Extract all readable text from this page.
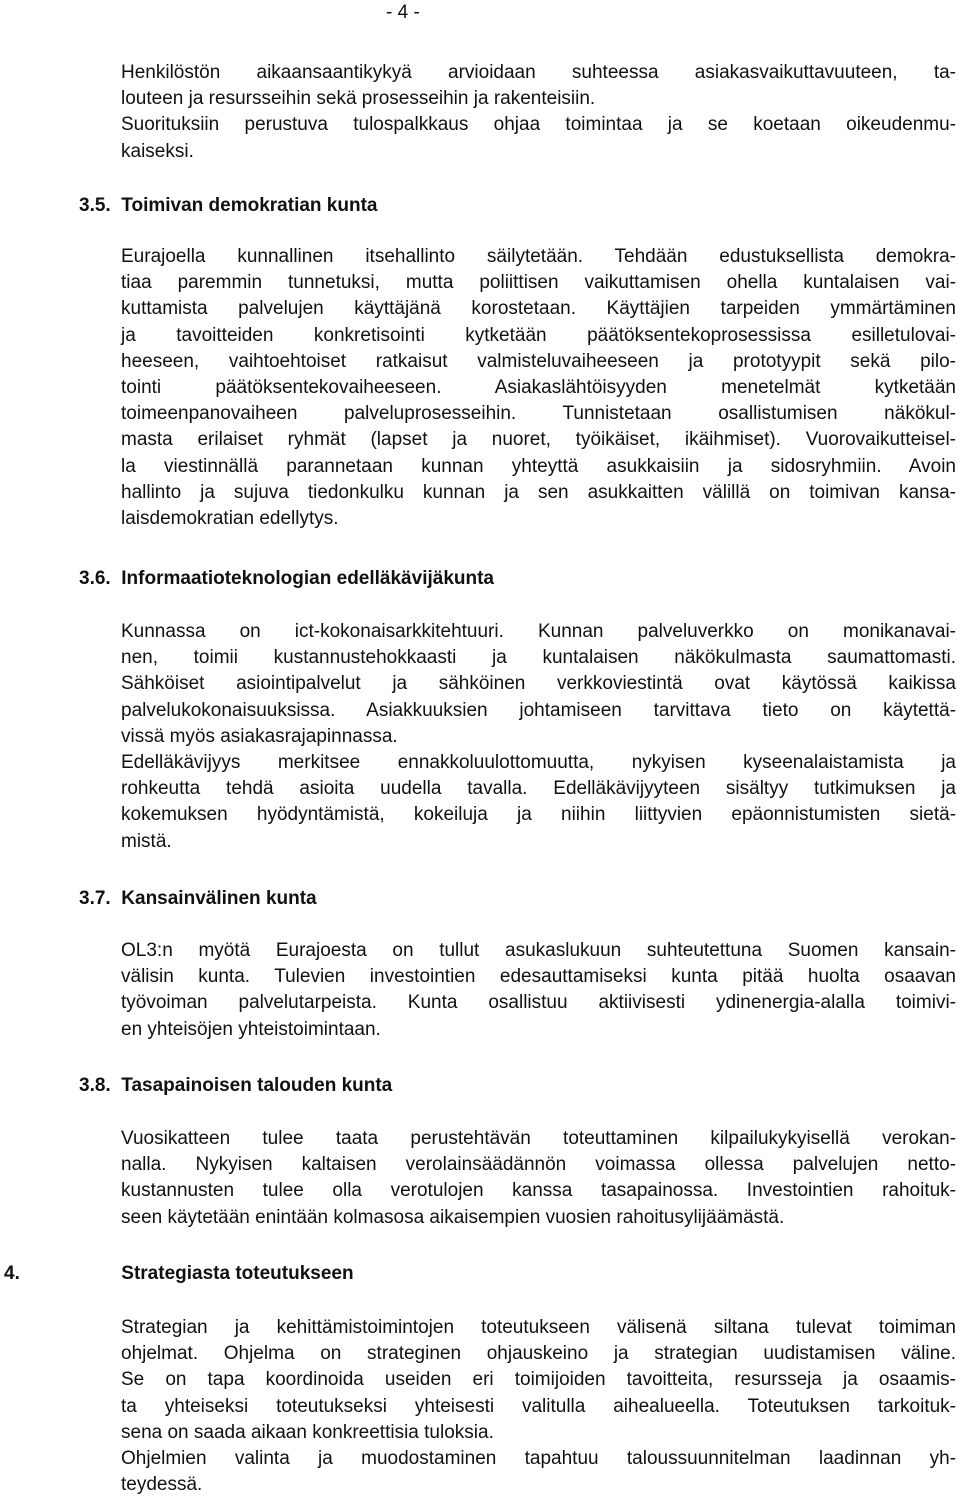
- 4 -
Henkilöstön aikaansaantikykyä arvioidaan suhteessa asiakasvaikuttavuuteen, ta-
louteen ja resursseihin sekä prosesseihin ja rakenteisiin.
Suorituksiin perustuva tulospalkkaus ohjaa toimintaa ja se koetaan oikeudenmu-
kaiseksi.
3.5. Toimivan demokratian kunta
Eurajoella kunnallinen itsehallinto säilytetään. Tehdään edustuksellista demokra-
tiaa paremmin tunnetuksi, mutta poliittisen vaikuttamisen ohella kuntalaisen vai-
kuttamista palvelujen käyttäjänä korostetaan. Käyttäjien tarpeiden ymmärtäminen
ja tavoitteiden konkretisointi kytketään päätöksentekoprosessissa esilletulovai-
heeseen, vaihtoehtoiset ratkaisut valmisteluvaiheeseen ja prototyypit sekä pilo-
tointi päätöksentekovaiheeseen. Asiakaslähtöisyyden menetelmät kytketään
toimeenpanovaiheen palveluprosesseihin. Tunnistetaan osallistumisen näkökul-
masta erilaiset ryhmät (lapset ja nuoret, työikäiset, ikäihmiset). Vuorovaikutteisel-
la viestinnällä parannetaan kunnan yhteyttä asukkaisiin ja sidosryhmiin. Avoin
hallinto ja sujuva tiedonkulku kunnan ja sen asukkaitten välillä on toimivan kansa-
laisdemokratian edellytys.
3.6. Informaatioteknologian edelläkävijäkunta
Kunnassa on ict-kokonaisarkkitehtuuri. Kunnan palveluverkko on monikanavai-
nen, toimii kustannustehokkaasti ja kuntalaisen näkökulmasta saumattomasti.
Sähköiset asiointipalvelut ja sähköinen verkkoviestintä ovat käytössä kaikissa
palvelukokonaisuuksissa. Asiakkuuksien johtamiseen tarvittava tieto on käytettä-
vissä myös asiakasrajapinnassa.
Edelläkävijyys merkitsee ennakkoluulottomuutta, nykyisen kyseenalaistamista ja
rohkeutta tehdä asioita uudella tavalla. Edelläkävijyyteen sisältyy tutkimuksen ja
kokemuksen hyödyntämistä, kokeiluja ja niihin liittyvien epäonnistumisten sietä-
mistä.
3.7. Kansainvälinen kunta
OL3:n myötä Eurajoesta on tullut asukaslukuun suhteutettuna Suomen kansain-
välisin kunta. Tulevien investointien edesauttamiseksi kunta pitää huolta osaavan
työvoiman palvelutarpeista. Kunta osallistuu aktiivisesti ydinenergia-alalla toimivi-
en yhteisöjen yhteistoimintaan.
3.8. Tasapainoisen talouden kunta
Vuosikatteen tulee taata perustehtävän toteuttaminen kilpailukykyisellä verokan-
nalla. Nykyisen kaltaisen verolainsäädännön voimassa ollessa palvelujen netto-
kustannusten tulee olla verotulojen kanssa tasapainossa. Investointien rahoituk-
seen käytetään enintään kolmasosa aikaisempien vuosien rahoitusylijäämästä.
4.	Strategiasta toteutukseen
Strategian ja kehittämistoimintojen toteutukseen välisenä siltana tulevat toimiman
ohjelmat. Ohjelma on strateginen ohjauskeino ja strategian uudistamisen väline.
Se on tapa koordinoida useiden eri toimijoiden tavoitteita, resursseja ja osaamis-
ta yhteiseksi toteutukseksi yhteisesti valitulla aihealueella. Toteutuksen tarkoituk-
sena on saada aikaan konkreettisia tuloksia.
Ohjelmien valinta ja muodostaminen tapahtuu taloussuunnitelman laadinnan yh-
teydessä.
